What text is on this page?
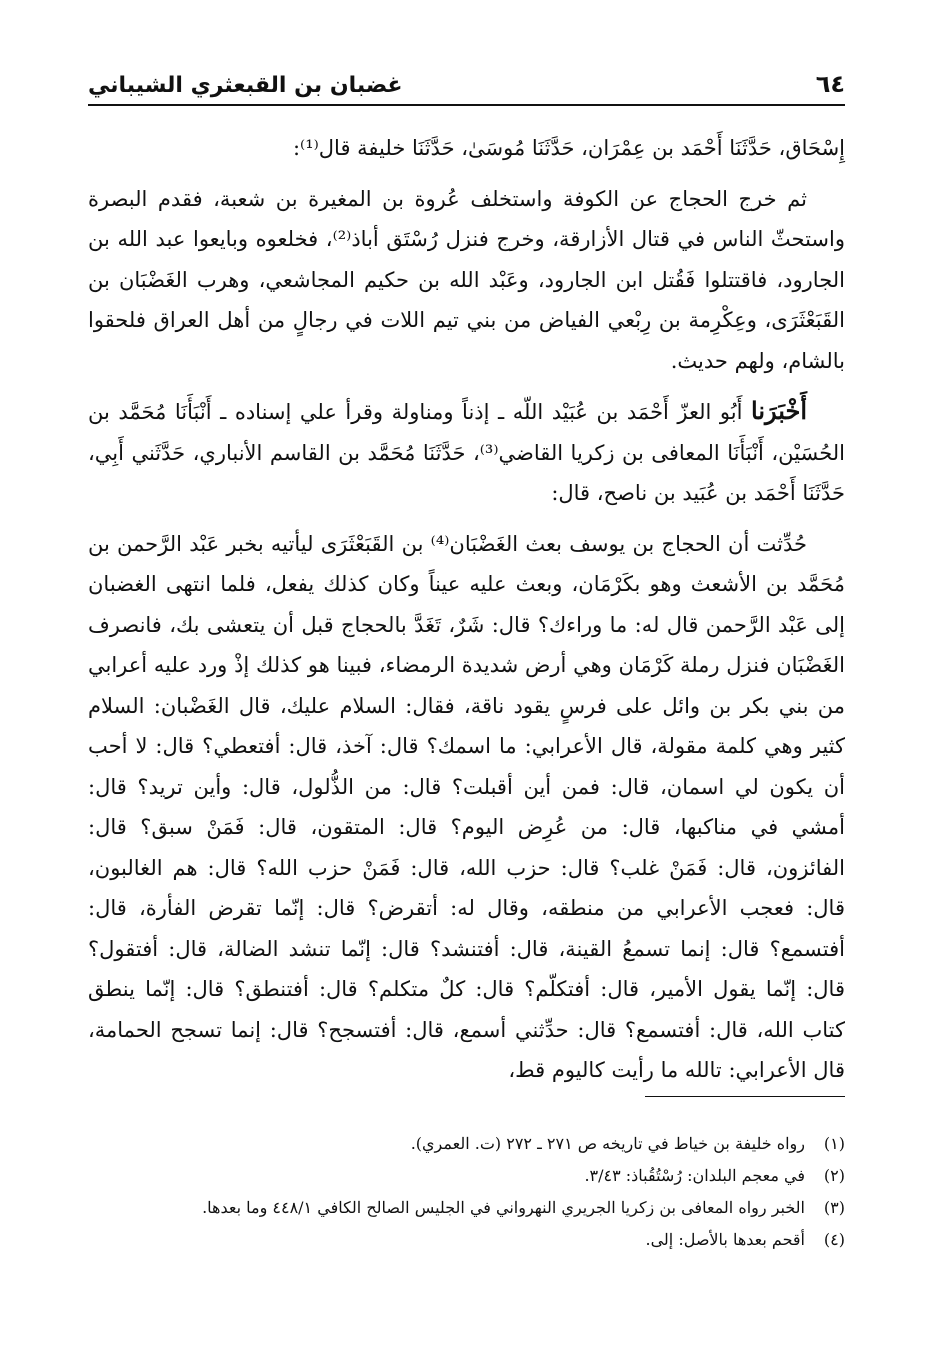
٦٤
غضبان بن القبعثري الشيباني

إِسْحَاق، حَدَّثَنَا أَحْمَد بن عِمْرَان، حَدَّثَنَا مُوسَىٰ، حَدَّثَنَا خليفة قال⁽¹⁾:

ثم خرج الحجاج عن الكوفة واستخلف عُروة بن المغيرة بن شعبة، فقدم البصرة واستحثّ الناس في قتال الأزارقة، وخرج فنزل رُسْتَق أباذ⁽²⁾، فخلعوه وبايعوا عبد الله بن الجارود، فاقتتلوا فَقُتل ابن الجارود، وعَبْد الله بن حكيم المجاشعي، وهرب الغَضْبَان بن القَبَعْثَرَى، وعِكْرِمة بن رِبْعي الفياض من بني تيم اللات في رجالٍ من أهل العراق فلحقوا بالشام، ولهم حديث.

أَخْبَرَنا أَبُو العزّ أَحْمَد بن عُبَيْد اللّه ـ إذناً ومناولة وقرأ علي إسناده ـ أَنْبَأَنَا مُحَمَّد بن الحُسَيْن، أَنْبَأَنَا المعافى بن زكريا القاضي⁽³⁾، حَدَّثَنَا مُحَمَّد بن القاسم الأنباري، حَدَّثَني أَبِي، حَدَّثَنَا أَحْمَد بن عُبَيد بن ناصح، قال:

حُدِّثت أن الحجاج بن يوسف بعث الغَضْبَان⁽⁴⁾ بن القَبَعْثَرَى ليأتيه بخبر عَبْد الرَّحمن بن مُحَمَّد بن الأشعث وهو بكَرْمَان، وبعث عليه عيناً وكان كذلك يفعل، فلما انتهى الغضبان إلى عَبْد الرَّحمن قال له: ما وراءك؟ قال: شَرٌ، تَغَدَّ بالحجاج قبل أن يتعشى بك، فانصرف الغَضْبَان فنزل رملة كَرْمَان وهي أرض شديدة الرمضاء، فبينا هو كذلك إذْ ورد عليه أعرابي من بني بكر بن وائل على فرسٍ يقود ناقة، فقال: السلام عليك، قال الغَضْبان: السلام كثير وهي كلمة مقولة، قال الأعرابي: ما اسمك؟ قال: آخذ، قال: أفتعطي؟ قال: لا أحب أن يكون لي اسمان، قال: فمن أين أقبلت؟ قال: من الذُّلول، قال: وأين تريد؟ قال: أمشي في مناكبها، قال: من عُرِض اليوم؟ قال: المتقون، قال: فَمَنْ سبق؟ قال: الفائزون، قال: فَمَنْ غلب؟ قال: حزب الله، قال: فَمَنْ حزب الله؟ قال: هم الغالبون، قال: فعجب الأعرابي من منطقه، وقال له: أتقرض؟ قال: إنّما تقرض الفأرة، قال: أفتسمع؟ قال: إنما تسمعُ القينة، قال: أفتنشد؟ قال: إنّما تنشد الضالة، قال: أفتقول؟ قال: إنّما يقول الأمير، قال: أفتكلّم؟ قال: كلٌ متكلم؟ قال: أفتنطق؟ قال: إنّما ينطق كتاب الله، قال: أفتسمع؟ قال: حدِّثني أسمع، قال: أفتسجح؟ قال: إنما تسجح الحمامة، قال الأعرابي: تالله ما رأيت كاليوم قط،

(١)
رواه خليفة بن خياط في تاريخه ص ٢٧١ ـ ٢٧٢ (ت. العمري).
(٢)
في معجم البلدان: رُسْتُقُباذ: ٣/٤٣.
(٣)
الخبر رواه المعافى بن زكريا الجريري النهرواني في الجليس الصالح الكافي ٤٤٨/١ وما بعدها.
(٤)
أقحم بعدها بالأصل: إلى.
